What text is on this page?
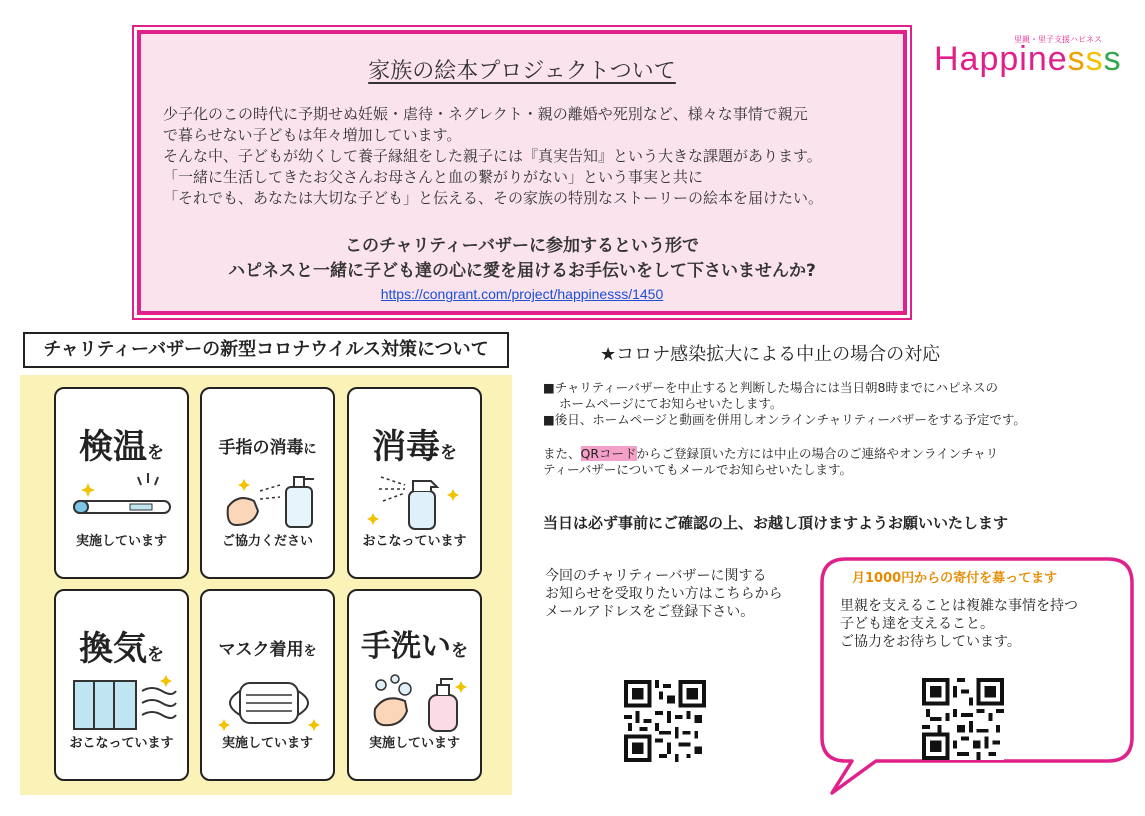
家族の絵本プロジェクトついて
少子化のこの時代に予期せぬ妊娠・虐待・ネグレクト・親の離婚や死別など、様々な事情で親元
で暮らせない子どもは年々増加しています。
そんな中、子どもが幼くして養子縁組をした親子には『真実告知』という大きな課題があります。
「一緒に生活してきたお父さんお母さんと血の繋がりがない」という事実と共に
「それでも、あなたは大切な子ども」と伝える、その家族の特別なストーリーの絵本を届けたい。
このチャリティーバザーに参加するという形で
ハピネスと一緒に子ども達の心に愛を届けるお手伝いをして下さいませんか?
https://congrant.com/project/happinesss/1450
里親・里子支援ハピネス
Happinesss
チャリティーバザーの新型コロナウイルス対策について
検温を
実施しています
手指の消毒に
ご協力ください
消毒を
おこなっています
換気を
おこなっています
マスク着用を
実施しています
手洗いを
実施しています
★コロナ感染拡大による中止の場合の対応
■チャリティーバザーを中止すると判断した場合には当日朝8時までにハピネスの
ホームページにてお知らせいたします。
■後日、ホームページと動画を併用しオンラインチャリティーバザーをする予定です。
また、QRコードからご登録頂いた方には中止の場合のご連絡やオンラインチャリ
ティーバザーについてもメールでお知らせいたします。
当日は必ず事前にご確認の上、お越し頂けますようお願いいたします
今回のチャリティーバザーに関する
お知らせを受取りたい方はこちらから
メールアドレスをご登録下さい。
月1000円からの寄付を募ってます
里親を支えることは複雑な事情を持つ
子ども達を支えること。
ご協力をお待ちしています。
